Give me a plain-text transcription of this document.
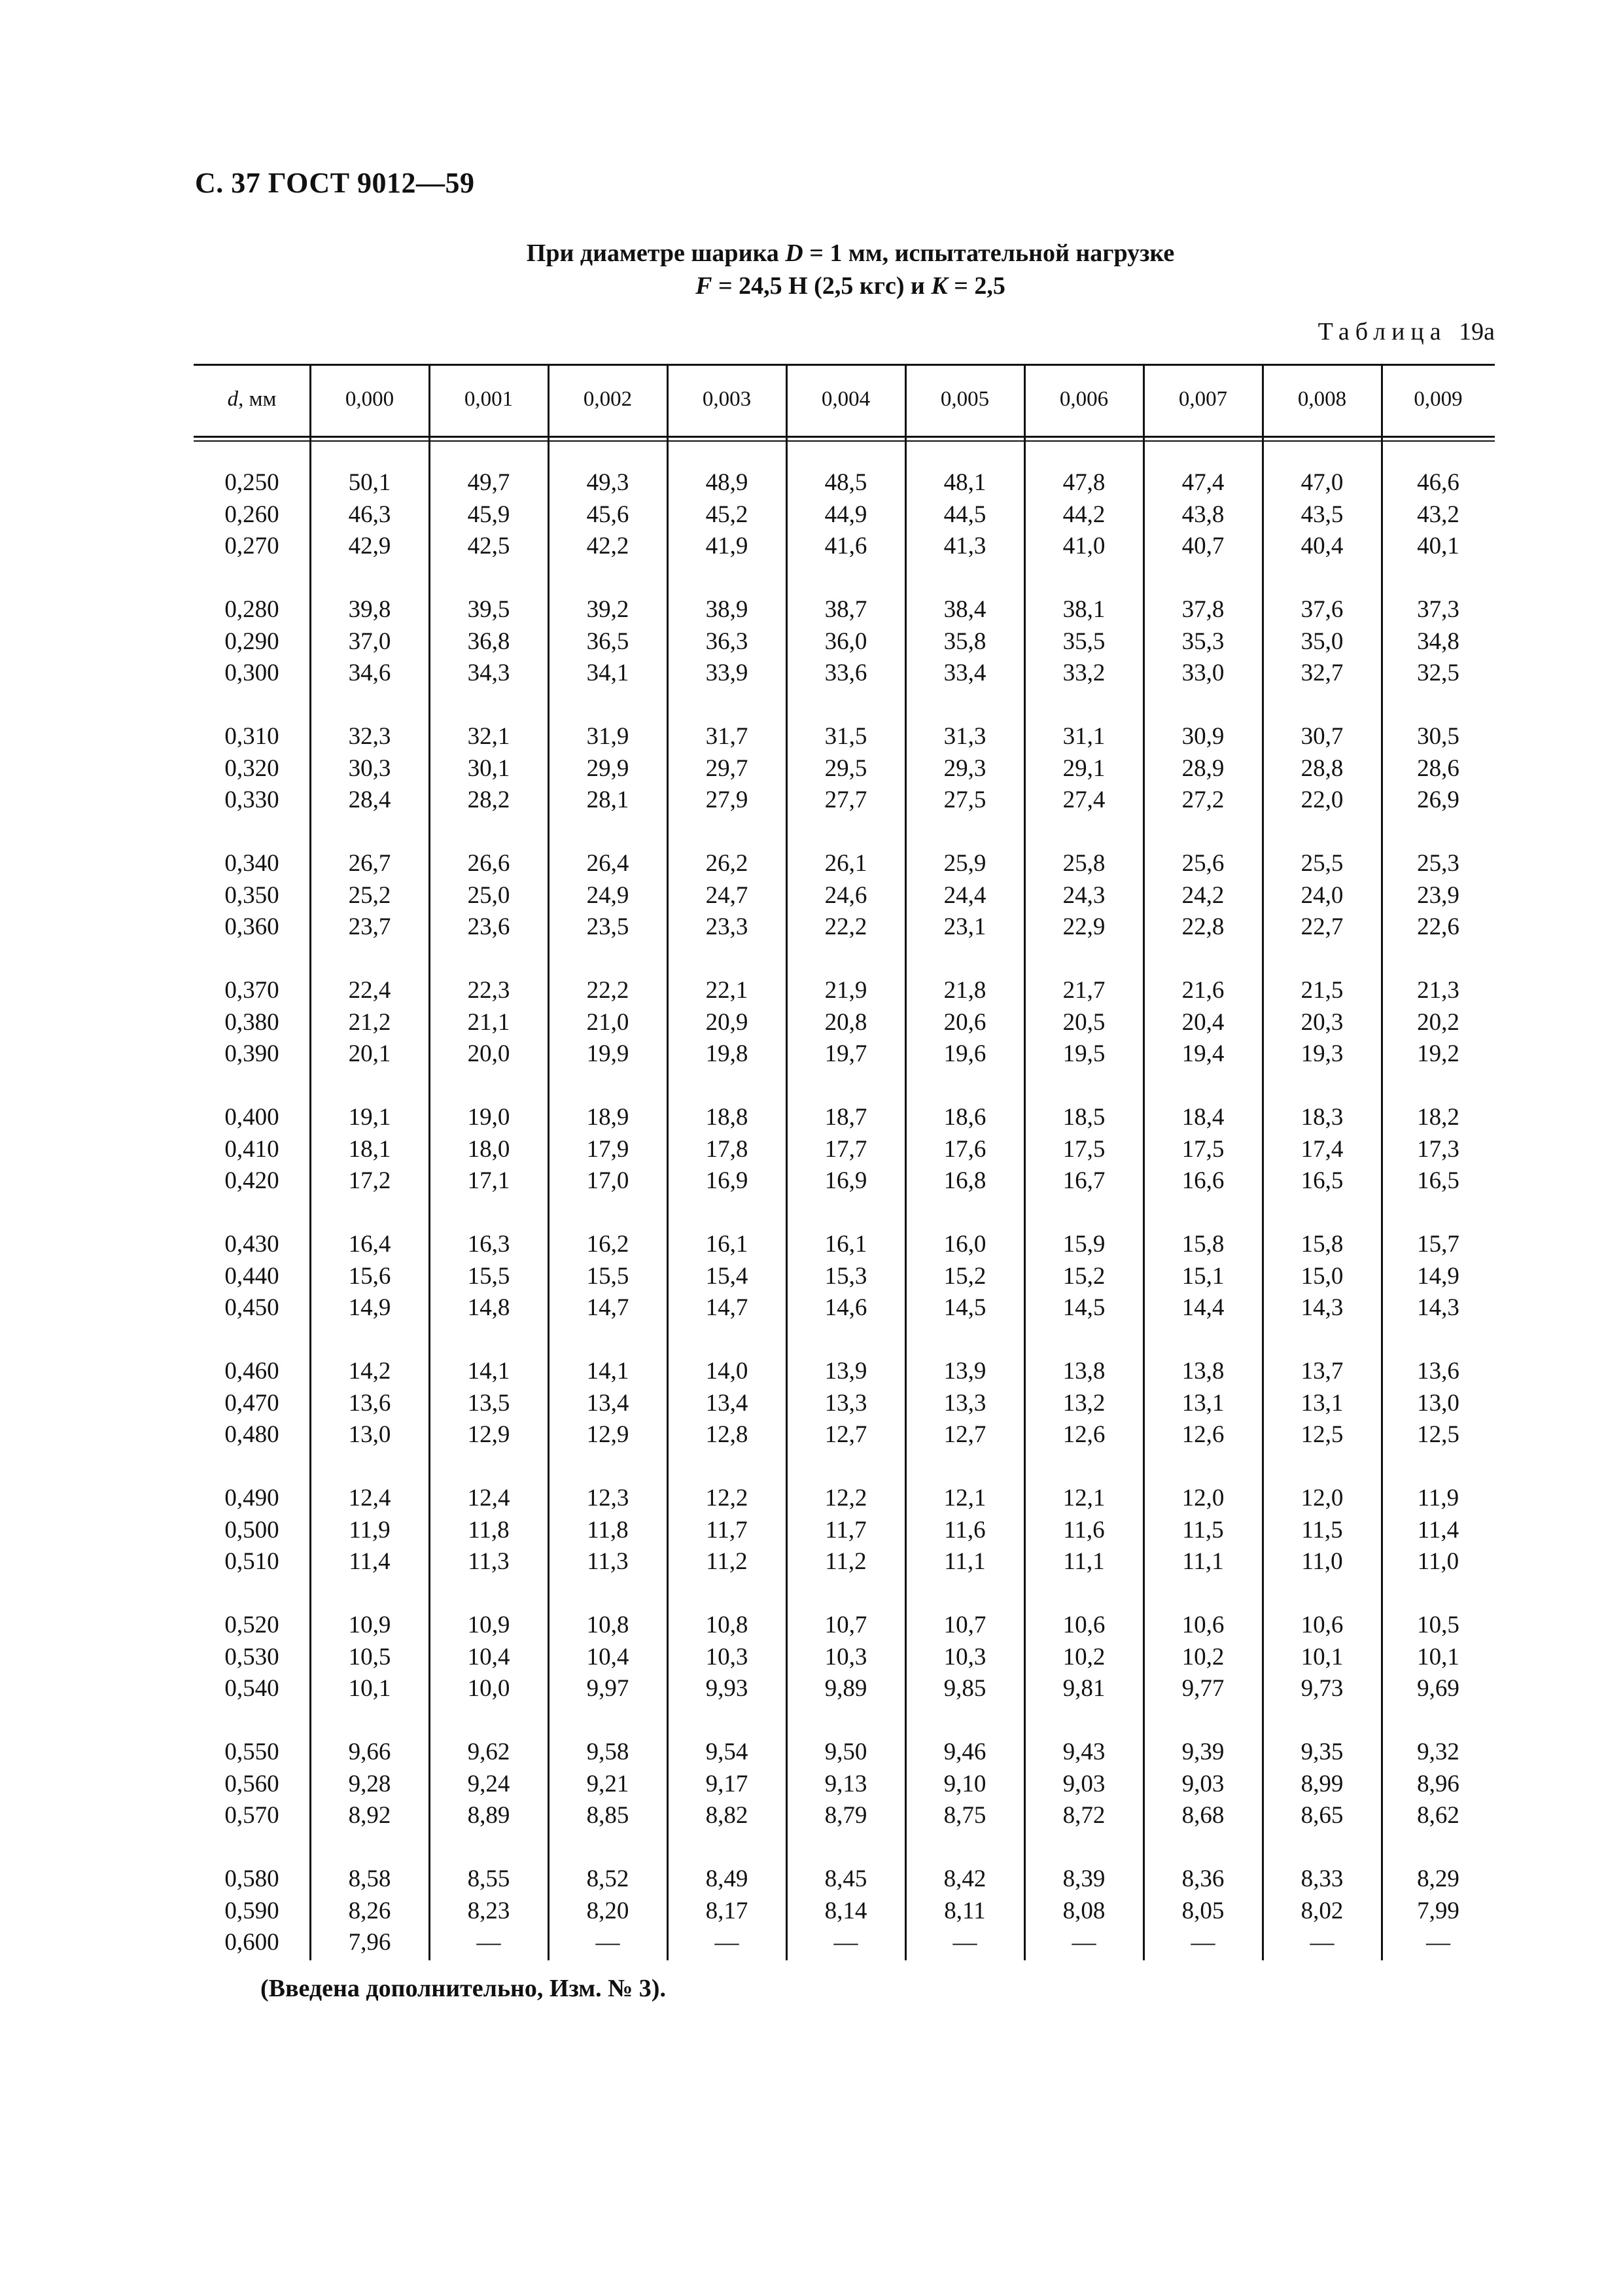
С. 37 ГОСТ 9012—59
При диаметре шарика D = 1 мм, испытательной нагрузке
F = 24,5 Н (2,5 кгс) и K = 2,5
Таблица 19а
d, мм	0,000	0,001	0,002	0,003	0,004	0,005	0,006	0,007	0,008	0,009
0,250	50,1	49,7	49,3	48,9	48,5	48,1	47,8	47,4	47,0	46,6
0,260	46,3	45,9	45,6	45,2	44,9	44,5	44,2	43,8	43,5	43,2
0,270	42,9	42,5	42,2	41,9	41,6	41,3	41,0	40,7	40,4	40,1
0,280	39,8	39,5	39,2	38,9	38,7	38,4	38,1	37,8	37,6	37,3
0,290	37,0	36,8	36,5	36,3	36,0	35,8	35,5	35,3	35,0	34,8
0,300	34,6	34,3	34,1	33,9	33,6	33,4	33,2	33,0	32,7	32,5
0,310	32,3	32,1	31,9	31,7	31,5	31,3	31,1	30,9	30,7	30,5
0,320	30,3	30,1	29,9	29,7	29,5	29,3	29,1	28,9	28,8	28,6
0,330	28,4	28,2	28,1	27,9	27,7	27,5	27,4	27,2	22,0	26,9
0,340	26,7	26,6	26,4	26,2	26,1	25,9	25,8	25,6	25,5	25,3
0,350	25,2	25,0	24,9	24,7	24,6	24,4	24,3	24,2	24,0	23,9
0,360	23,7	23,6	23,5	23,3	22,2	23,1	22,9	22,8	22,7	22,6
0,370	22,4	22,3	22,2	22,1	21,9	21,8	21,7	21,6	21,5	21,3
0,380	21,2	21,1	21,0	20,9	20,8	20,6	20,5	20,4	20,3	20,2
0,390	20,1	20,0	19,9	19,8	19,7	19,6	19,5	19,4	19,3	19,2
0,400	19,1	19,0	18,9	18,8	18,7	18,6	18,5	18,4	18,3	18,2
0,410	18,1	18,0	17,9	17,8	17,7	17,6	17,5	17,5	17,4	17,3
0,420	17,2	17,1	17,0	16,9	16,9	16,8	16,7	16,6	16,5	16,5
0,430	16,4	16,3	16,2	16,1	16,1	16,0	15,9	15,8	15,8	15,7
0,440	15,6	15,5	15,5	15,4	15,3	15,2	15,2	15,1	15,0	14,9
0,450	14,9	14,8	14,7	14,7	14,6	14,5	14,5	14,4	14,3	14,3
0,460	14,2	14,1	14,1	14,0	13,9	13,9	13,8	13,8	13,7	13,6
0,470	13,6	13,5	13,4	13,4	13,3	13,3	13,2	13,1	13,1	13,0
0,480	13,0	12,9	12,9	12,8	12,7	12,7	12,6	12,6	12,5	12,5
0,490	12,4	12,4	12,3	12,2	12,2	12,1	12,1	12,0	12,0	11,9
0,500	11,9	11,8	11,8	11,7	11,7	11,6	11,6	11,5	11,5	11,4
0,510	11,4	11,3	11,3	11,2	11,2	11,1	11,1	11,1	11,0	11,0
0,520	10,9	10,9	10,8	10,8	10,7	10,7	10,6	10,6	10,6	10,5
0,530	10,5	10,4	10,4	10,3	10,3	10,3	10,2	10,2	10,1	10,1
0,540	10,1	10,0	9,97	9,93	9,89	9,85	9,81	9,77	9,73	9,69
0,550	9,66	9,62	9,58	9,54	9,50	9,46	9,43	9,39	9,35	9,32
0,560	9,28	9,24	9,21	9,17	9,13	9,10	9,03	9,03	8,99	8,96
0,570	8,92	8,89	8,85	8,82	8,79	8,75	8,72	8,68	8,65	8,62
0,580	8,58	8,55	8,52	8,49	8,45	8,42	8,39	8,36	8,33	8,29
0,590	8,26	8,23	8,20	8,17	8,14	8,11	8,08	8,05	8,02	7,99
0,600	7,96	—	—	—	—	—	—	—	—	—
(Введена дополнительно, Изм. № 3).
